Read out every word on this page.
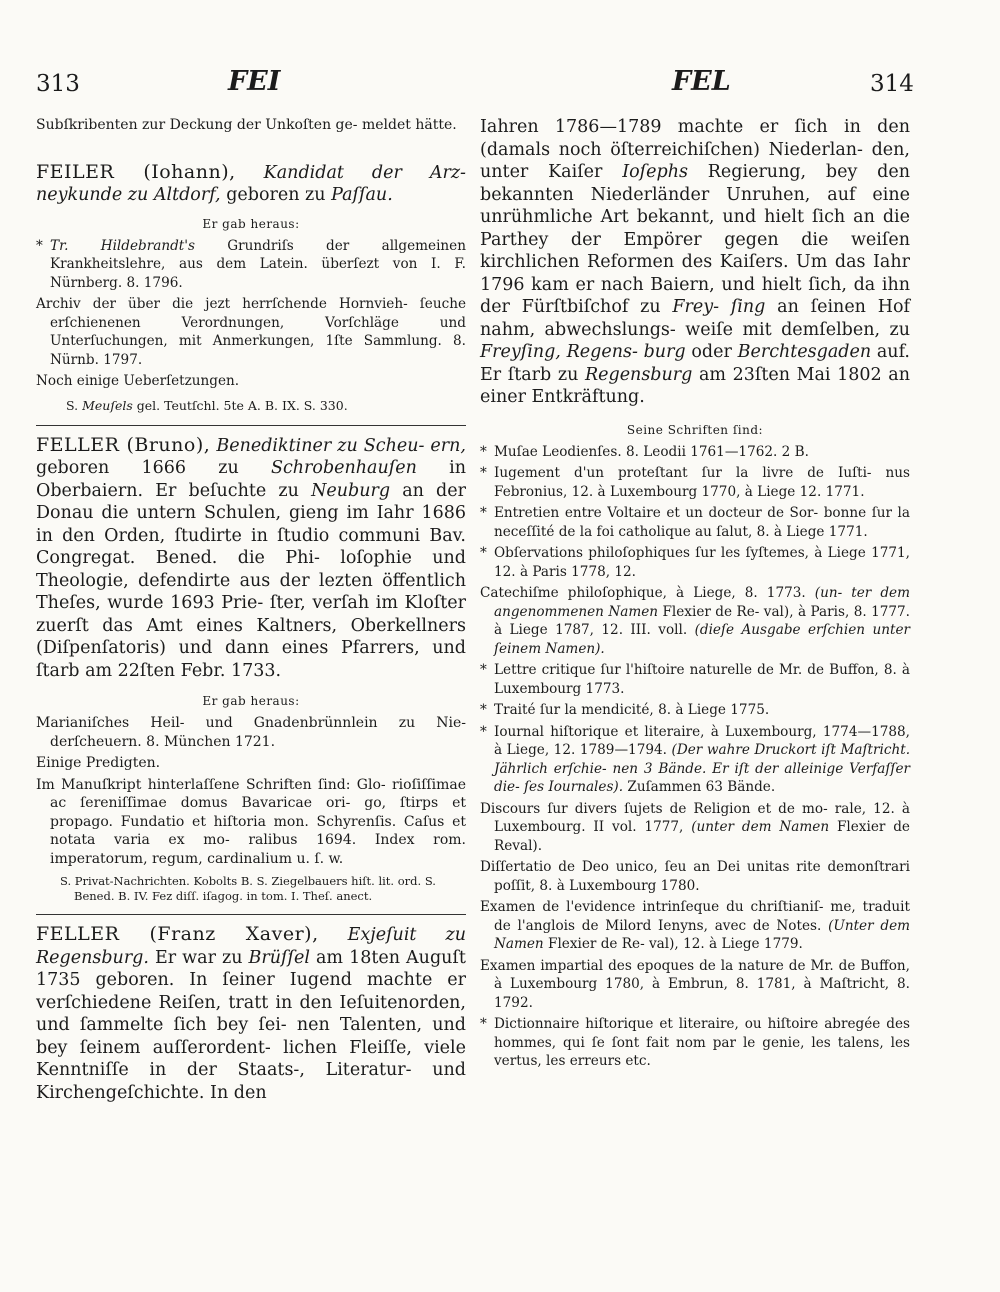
313	FEI	FEL	314

Subſkribenten zur Deckung der Unkoſten ge- meldet hätte.

FEILER (Iohann), Kandidat der Arz- neykunde zu Altdorf, geboren zu Paſſau.

Er gab heraus:

* Tr. Hildebrandt's Grundriſs der allgemeinen Krankheitslehre, aus dem Latein. überſezt von I. F. Nürnberg. 8. 1796.

Archiv der über die jezt herrſchende Hornvieh- ſeuche erſchienenen Verordnungen, Vorſchläge und Unterſuchungen, mit Anmerkungen, 1ſte Sammlung. 8. Nürnb. 1797.

Noch einige Ueberſetzungen.

S. Meuſels gel. Teutſchl. 5te A. B. IX. S. 330.

FELLER (Bruno), Benediktiner zu Scheu- ern, geboren 1666 zu Schrobenhauſen in Oberbaiern. Er beſuchte zu Neuburg an der Donau die untern Schulen, gieng im Iahr 1686 in den Orden, ſtudirte in ſtudio communi Bav. Congregat. Bened. die Phi- loſophie und Theologie, defendirte aus der lezten öffentlich Theſes, wurde 1693 Prie- ſter, verſah im Kloſter zuerſt das Amt eines Kaltners, Oberkellners (Diſpenſatoris) und dann eines Pfarrers, und ſtarb am 22ſten Febr. 1733.

Er gab heraus:

Marianiſches Heil- und Gnadenbrünnlein zu Nie- derſcheuern. 8. München 1721.

Einige Predigten.

Im Manuſkript hinterlaſſene Schriften ſind: Glo- rioſiſſimae ac ſereniſſimae domus Bavaricae ori- go, ſtirps et propago. Fundatio et hiſtoria mon. Schyrenſis. Caſus et notata varia ex mo- ralibus 1694. Index rom. imperatorum, regum, cardinalium u. ſ. w.

S. Privat-Nachrichten. Kobolts B. S. Ziegelbauers hiſt. lit. ord. S. Bened. B. IV. Fez diſſ. iſagog. in tom. I. Theſ. anect.

FELLER (Franz Xaver), Exjeſuit zu Regensburg. Er war zu Brüſſel am 18ten Auguſt 1735 geboren. In ſeiner Iugend machte er verſchiedene Reiſen, tratt in den Ieſuitenorden, und ſammelte ſich bey ſei- nen Talenten, und bey ſeinem auſſerordent- lichen Fleiſſe, viele Kenntniſſe in der Staats-, Literatur- und Kirchengeſchichte. In den

Iahren 1786—1789 machte er ſich in den (damals noch öſterreichiſchen) Niederlan- den, unter Kaiſer Ioſephs Regierung, bey den bekannten Niederländer Unruhen, auf eine unrühmliche Art bekannt, und hielt ſich an die Parthey der Empörer gegen die weiſen kirchlichen Reformen des Kaiſers. Um das Iahr 1796 kam er nach Baiern, und hielt ſich, da ihn der Fürſtbiſchof zu Frey- ſing an ſeinen Hof nahm, abwechslungs- weiſe mit demſelben, zu Freyſing, Regens- burg oder Berchtesgaden auf. Er ſtarb zu Regensburg am 23ſten Mai 1802 an einer Entkräftung.

Seine Schriften ſind:

* Muſae Leodienſes. 8. Leodii 1761—1762. 2 B.

* Iugement d'un proteſtant ſur la livre de Iuſti- nus Febronius, 12. à Luxembourg 1770, à Liege 12. 1771.

* Entretien entre Voltaire et un docteur de Sor- bonne ſur la neceſſité de la foi catholique au ſalut, 8. à Liege 1771.

* Obſervations philoſophiques ſur les ſyſtemes, à Liege 1771, 12. à Paris 1778, 12.

Catechiſme philoſophique, à Liege, 8. 1773. (un- ter dem angenommenen Namen Flexier de Re- val), à Paris, 8. 1777. à Liege 1787, 12. III. voll. (dieſe Ausgabe erſchien unter ſeinem Namen).

* Lettre critique ſur l'hiſtoire naturelle de Mr. de Buffon, 8. à Luxembourg 1773.

* Traité ſur la mendicité, 8. à Liege 1775.

* Iournal hiſtorique et literaire, à Luxembourg, 1774—1788, à Liege, 12. 1789—1794. (Der wahre Druckort iſt Maſtricht. Jährlich erſchie- nen 3 Bände. Er iſt der alleinige Verfaſſer die- ſes Iournales). Zuſammen 63 Bände.

Discours ſur divers ſujets de Religion et de mo- rale, 12. à Luxembourg. II vol. 1777, (unter dem Namen Flexier de Reval).

Diſſertatio de Deo unico, ſeu an Dei unitas rite demonſtrari poſſit, 8. à Luxembourg 1780.

Examen de l'evidence intrinſeque du chriſtianiſ- me, traduit de l'anglois de Milord Ienyns, avec de Notes. (Unter dem Namen Flexier de Re- val), 12. à Liege 1779.

Examen impartial des epoques de la nature de Mr. de Buffon, à Luxembourg 1780, à Embrun, 8. 1781, à Maſtricht, 8. 1792.

* Dictionnaire hiſtorique et literaire, ou hiſtoire abregée des hommes, qui ſe ſont fait nom par le genie, les talens, les vertus, les erreurs etc.
